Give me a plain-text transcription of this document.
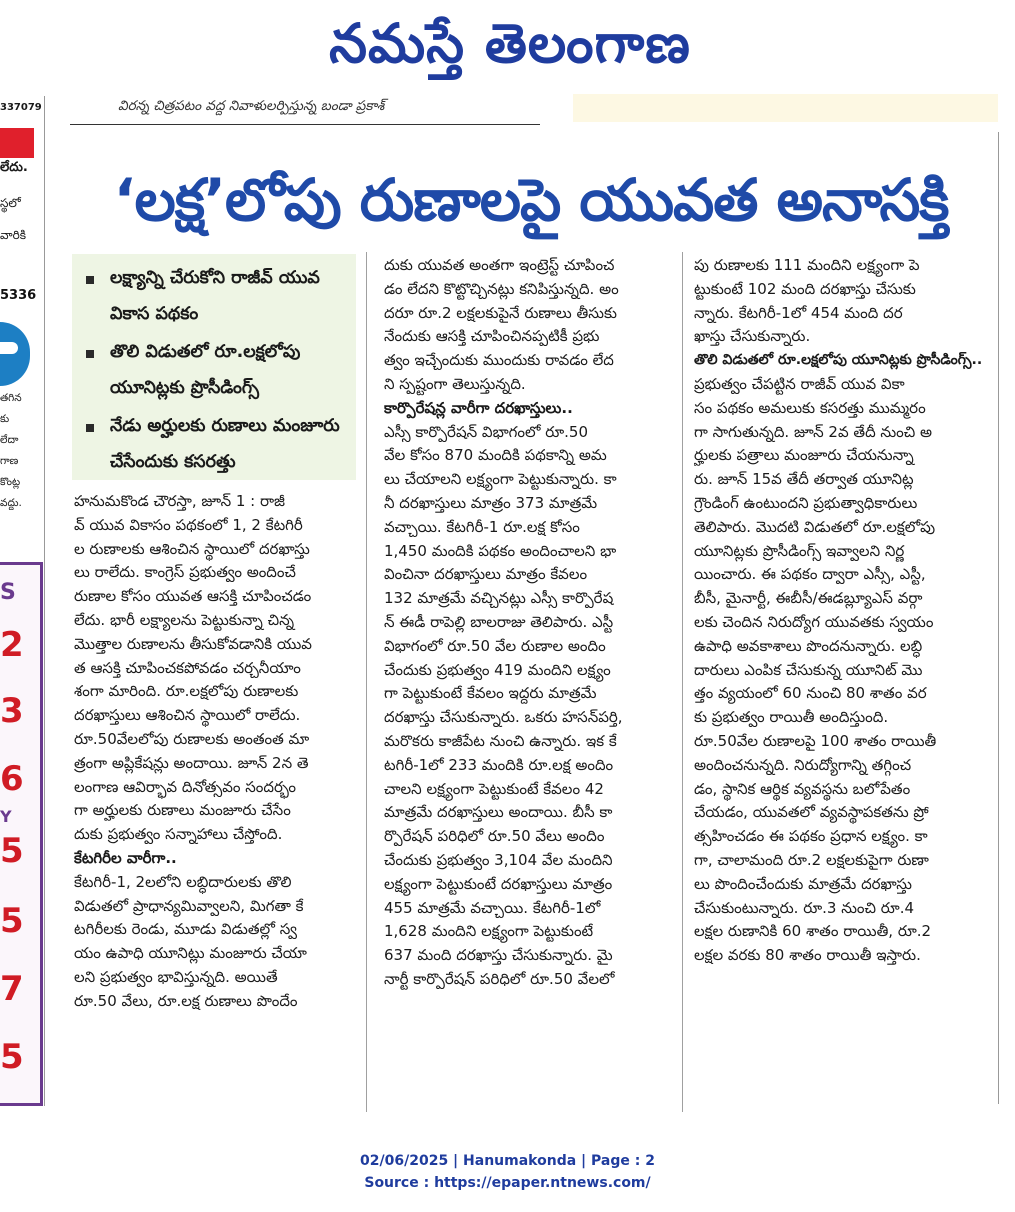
నమస్తే తెలంగాణ
337079
లేదు.
స్థలో
వారికి
5336
తగిన
కు
లేదా
గాణ
కొంట్ల
వద్దు.
S
2
3
6
Y
5
5
7
5
విరన్న చిత్రపటం వద్ద నివాళులర్పిస్తున్న బండా ప్రకాశ్
‘లక్ష’లోపు రుణాలపై యువత అనాసక్తి
లక్ష్యాన్ని చేరుకోని రాజీవ్ యువ వికాస పథకం
తొలి విడుతలో రూ.లక్షలోపు యూనిట్లకు ప్రొసీడింగ్స్
నేడు అర్హులకు రుణాలు మంజూరు చేసేందుకు కసరత్తు
హనుమకొండ చౌరస్తా, జూన్ 1 : రాజీ
వ్ యువ వికాసం పథకంలో 1, 2 కేటగిరీ
ల రుణాలకు ఆశించిన స్థాయిలో దరఖాస్తు
లు రాలేదు. కాంగ్రెస్ ప్రభుత్వం అందించే
రుణాల కోసం యువత ఆసక్తి చూపించడం
లేదు. భారీ లక్ష్యాలను పెట్టుకున్నా చిన్న
మొత్తాల రుణాలను తీసుకోవడానికి యువ
త ఆసక్తి చూపించకపోవడం చర్చనీయాం
శంగా మారింది. రూ.లక్షలోపు రుణాలకు
దరఖాస్తులు ఆశించిన స్థాయిలో రాలేదు.
రూ.50వేలలోపు రుణాలకు అంతంత మా
త్రంగా అప్లికేషన్లు అందాయి. జూన్ 2న తె
లంగాణ ఆవిర్భావ దినోత్సవం సందర్భం
గా అర్హులకు రుణాలు మంజూరు చేసేం
దుకు ప్రభుత్వం సన్నాహాలు చేస్తోంది.
కేటగిరీల వారీగా..
కేటగిరీ-1, 2లలోని లబ్ధిదారులకు తొలి
విడుతలో ప్రాధాన్యమివ్వాలని, మిగతా కే
టగిరీలకు రెండు, మూడు విడుతల్లో స్వ
యం ఉపాధి యూనిట్లు మంజూరు చేయా
లని ప్రభుత్వం భావిస్తున్నది. అయితే
రూ.50 వేలు, రూ.లక్ష రుణాలు పొందేం
దుకు యువత అంతగా ఇంట్రెస్ట్ చూపించ
డం లేదని కొట్టొచ్చినట్లు కనిపిస్తున్నది. అం
దరూ రూ.2 లక్షలకుపైనే రుణాలు తీసుకు
నేందుకు ఆసక్తి చూపించినప్పటికీ ప్రభు
త్వం ఇచ్చేందుకు ముందుకు రావడం లేద
ని స్పష్టంగా తెలుస్తున్నది.
కార్పొరేషన్ల వారీగా దరఖాస్తులు..
ఎస్సీ కార్పొరేషన్ విభాగంలో రూ.50
వేల కోసం 870 మందికి పథకాన్ని అమ
లు చేయాలని లక్ష్యంగా పెట్టుకున్నారు. కా
నీ దరఖాస్తులు మాత్రం 373 మాత్రమే
వచ్చాయి. కేటగిరీ-1 రూ.లక్ష కోసం
1,450 మందికి పథకం అందించాలని భా
వించినా దరఖాస్తులు మాత్రం కేవలం
132 మాత్రమే వచ్చినట్లు ఎస్సీ కార్పొరేష
న్ ఈడీ రాపెల్లి బాలరాజు తెలిపారు. ఎస్టీ
విభాగంలో రూ.50 వేల రుణాల అందిం
చేందుకు ప్రభుత్వం 419 మందిని లక్ష్యం
గా పెట్టుకుంటే కేవలం ఇద్దరు మాత్రమే
దరఖాస్తు చేసుకున్నారు. ఒకరు హసన్‌పర్తి,
మరొకరు కాజీపేట నుంచి ఉన్నారు. ఇక కే
టగిరీ-1లో 233 మందికి రూ.లక్ష అందిం
చాలని లక్ష్యంగా పెట్టుకుంటే కేవలం 42
మాత్రమే దరఖాస్తులు అందాయి. బీసీ కా
ర్పొరేషన్ పరిధిలో రూ.50 వేలు అందిం
చేందుకు ప్రభుత్వం 3,104 వేల మందిని
లక్ష్యంగా పెట్టుకుంటే దరఖాస్తులు మాత్రం
455 మాత్రమే వచ్చాయి. కేటగిరీ-1లో
1,628 మందిని లక్ష్యంగా పెట్టుకుంటే
637 మంది దరఖాస్తు చేసుకున్నారు. మై
నార్టీ కార్పొరేషన్ పరిధిలో రూ.50 వేలలో
పు రుణాలకు 111 మందిని లక్ష్యంగా పె
ట్టుకుంటే 102 మంది దరఖాస్తు చేసుకు
న్నారు. కేటగిరీ-1లో 454 మంది దర
ఖాస్తు చేసుకున్నారు.
తొలి విడుతలో రూ.లక్షలోపు యూనిట్లకు ప్రొసీడింగ్స్..
ప్రభుత్వం చేపట్టిన రాజీవ్ యువ వికా
సం పథకం అమలుకు కసరత్తు ముమ్మరం
గా సాగుతున్నది. జూన్ 2వ తేదీ నుంచి అ
ర్హులకు పత్రాలు మంజూరు చేయనున్నా
రు. జూన్ 15వ తేదీ తర్వాత యూనిట్ల
గ్రౌండింగ్ ఉంటుందని ప్రభుత్వాధికారులు
తెలిపారు. మొదటి విడుతలో రూ.లక్షలోపు
యూనిట్లకు ప్రొసీడింగ్స్ ఇవ్వాలని నిర్ణ
యించారు. ఈ పథకం ద్వారా ఎస్సీ, ఎస్టీ,
బీసీ, మైనార్టీ, ఈబీసీ/ఈడబ్ల్యూఎస్ వర్గా
లకు చెందిన నిరుద్యోగ యువతకు స్వయం
ఉపాధి అవకాశాలు పొందనున్నారు. లబ్ధి
దారులు ఎంపిక చేసుకున్న యూనిట్ మొ
త్తం వ్యయంలో 60 నుంచి 80 శాతం వర
కు ప్రభుత్వం రాయితీ అందిస్తుంది.
రూ.50వేల రుణాలపై 100 శాతం రాయితీ
అందించనున్నది. నిరుద్యోగాన్ని తగ్గించ
డం, స్థానిక ఆర్థిక వ్యవస్థను బలోపేతం
చేయడం, యువతలో వ్యవస్థాపకతను ప్రో
త్సహించడం ఈ పథకం ప్రధాన లక్ష్యం. కా
గా, చాలామంది రూ.2 లక్షలకుపైగా రుణా
లు పొందించేందుకు మాత్రమే దరఖాస్తు
చేసుకుంటున్నారు. రూ.3 నుంచి రూ.4
లక్షల రుణానికి 60 శాతం రాయితీ, రూ.2
లక్షల వరకు 80 శాతం రాయితీ ఇస్తారు.
02/06/2025 | Hanumakonda | Page : 2
Source : https://epaper.ntnews.com/
